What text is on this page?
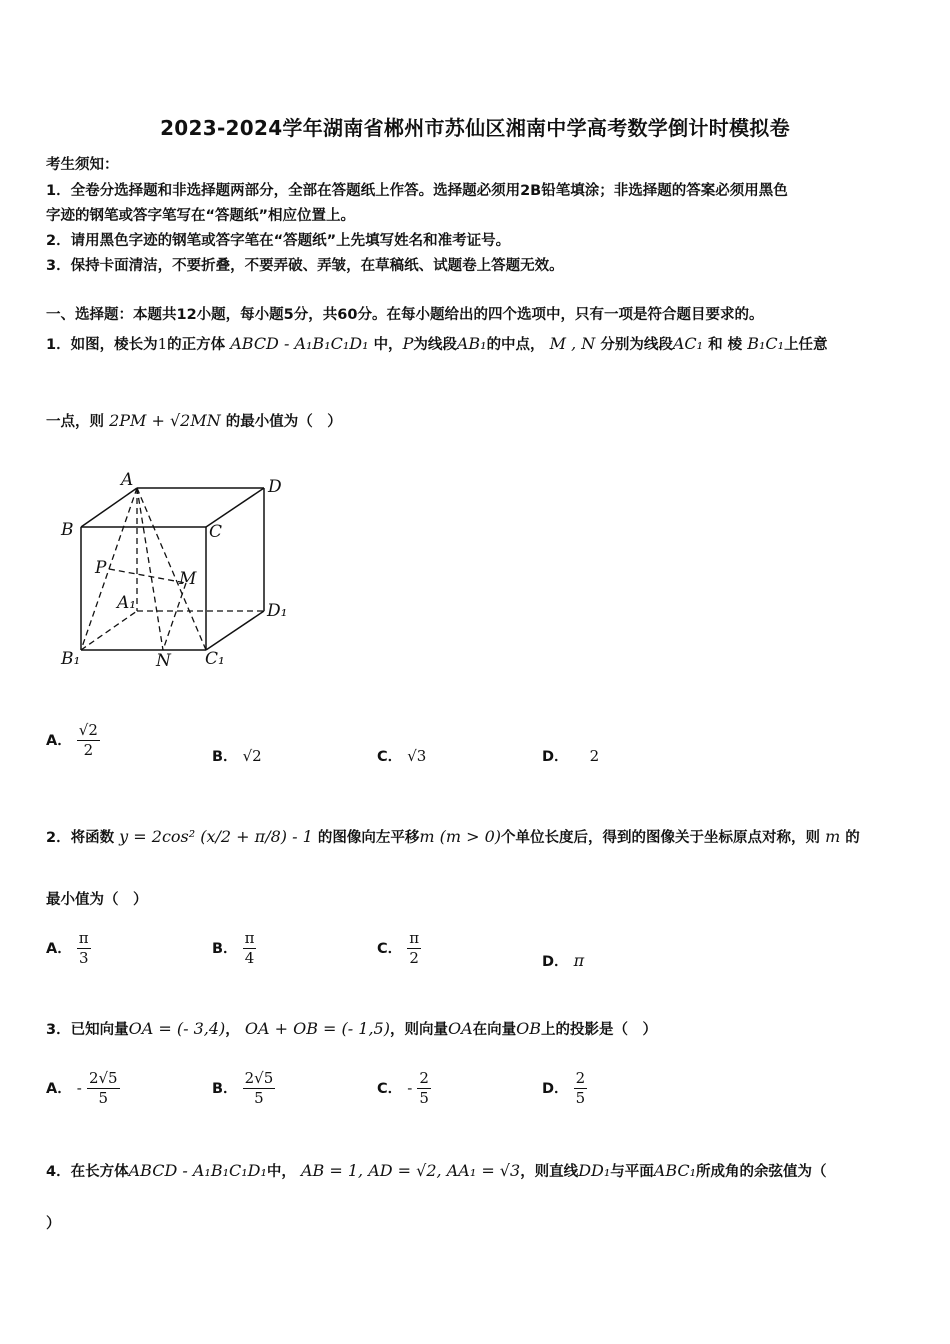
2023-2024学年湖南省郴州市苏仙区湘南中学高考数学倒计时模拟卷
考生须知：
1．全卷分选择题和非选择题两部分，全部在答题纸上作答。选择题必须用2B铅笔填涂；非选择题的答案必须用黑色
字迹的钢笔或答字笔写在“答题纸”相应位置上。
2．请用黑色字迹的钢笔或答字笔在“答题纸”上先填写姓名和准考证号。
3．保持卡面清洁，不要折叠，不要弄破、弄皱，在草稿纸、试题卷上答题无效。
一、选择题：本题共12小题，每小题5分，共60分。在每小题给出的四个选项中，只有一项是符合题目要求的。
1．如图，棱长为1的正方体 ABCD - A₁B₁C₁D₁ 中，P为线段AB₁的中点， M , N 分别为线段AC₁ 和 棱 B₁C₁上任意
一点，则 2PM + √2MN 的最小值为（　）
A	D
B	C
P
M
A₁	D₁
B₁	N C₁
A． $\frac{√2}{2}$	B． √2	C． √3	D． 2
2．将函数 y = 2cos² (x/2 + π/8) - 1 的图像向左平移m (m > 0)个单位长度后，得到的图像关于坐标原点对称，则 m 的
最小值为（　）
A． $\frac{\pi}{3}$	B． $\frac{\pi}{4}$	C． $\frac{\pi}{2}$	D． π
3．已知向量OA = (- 3,4)， OA + OB = (- 1,5)，则向量OA在向量OB上的投影是（　）
A． - $\frac{2√5}{5}$	B． $\frac{2√5}{5}$	C． - $\frac{2}{5}$	D． $\frac{2}{5}$
4．在长方体ABCD - A₁B₁C₁D₁中， AB = 1, AD = √2, AA₁ = √3，则直线DD₁与平面ABC₁所成角的余弦值为（
）
